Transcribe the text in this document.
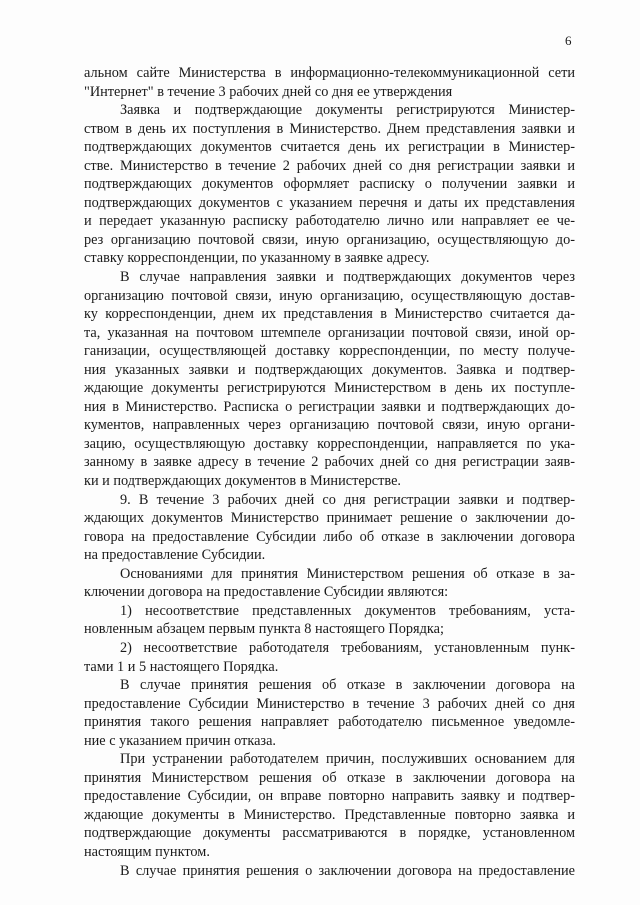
6
альном сайте Министерства в информационно-телекоммуникационной сети
"Интернет" в течение 3 рабочих дней со дня ее утверждения
Заявка и подтверждающие документы регистрируются Министер-
ством в день их поступления в Министерство. Днем представления заявки и
подтверждающих документов считается день их регистрации в Министер-
стве. Министерство в течение 2 рабочих дней со дня регистрации заявки и
подтверждающих документов оформляет расписку о получении заявки и
подтверждающих документов с указанием перечня и даты их представления
и передает указанную расписку работодателю лично или направляет ее че-
рез организацию почтовой связи, иную организацию, осуществляющую до-
ставку корреспонденции, по указанному в заявке адресу.
В случае направления заявки и подтверждающих документов через
организацию почтовой связи, иную организацию, осуществляющую достав-
ку корреспонденции, днем их представления в Министерство считается да-
та, указанная на почтовом штемпеле организации почтовой связи, иной ор-
ганизации, осуществляющей доставку корреспонденции, по месту получе-
ния указанных заявки и подтверждающих документов. Заявка и подтвер-
ждающие документы регистрируются Министерством в день их поступле-
ния в Министерство. Расписка о регистрации заявки и подтверждающих до-
кументов, направленных через организацию почтовой связи, иную органи-
зацию, осуществляющую доставку корреспонденции, направляется по ука-
занному в заявке адресу в течение 2 рабочих дней со дня регистрации заяв-
ки и подтверждающих документов в Министерстве.
9. В течение 3 рабочих дней со дня регистрации заявки и подтвер-
ждающих документов Министерство принимает решение о заключении до-
говора на предоставление Субсидии либо об отказе в заключении договора
на предоставление Субсидии.
Основаниями для принятия Министерством решения об отказе в за-
ключении договора на предоставление Субсидии являются:
1) несоответствие представленных документов требованиям, уста-
новленным абзацем первым пункта 8 настоящего Порядка;
2) несоответствие работодателя требованиям, установленным пунк-
тами 1 и 5 настоящего Порядка.
В случае принятия решения об отказе в заключении договора на
предоставление Субсидии Министерство в течение 3 рабочих дней со дня
принятия такого решения направляет работодателю письменное уведомле-
ние с указанием причин отказа.
При устранении работодателем причин, послуживших основанием для
принятия Министерством решения об отказе в заключении договора на
предоставление Субсидии, он вправе повторно направить заявку и подтвер-
ждающие документы в Министерство. Представленные повторно заявка и
подтверждающие документы рассматриваются в порядке, установленном
настоящим пунктом.
В случае принятия решения о заключении договора на предоставление
